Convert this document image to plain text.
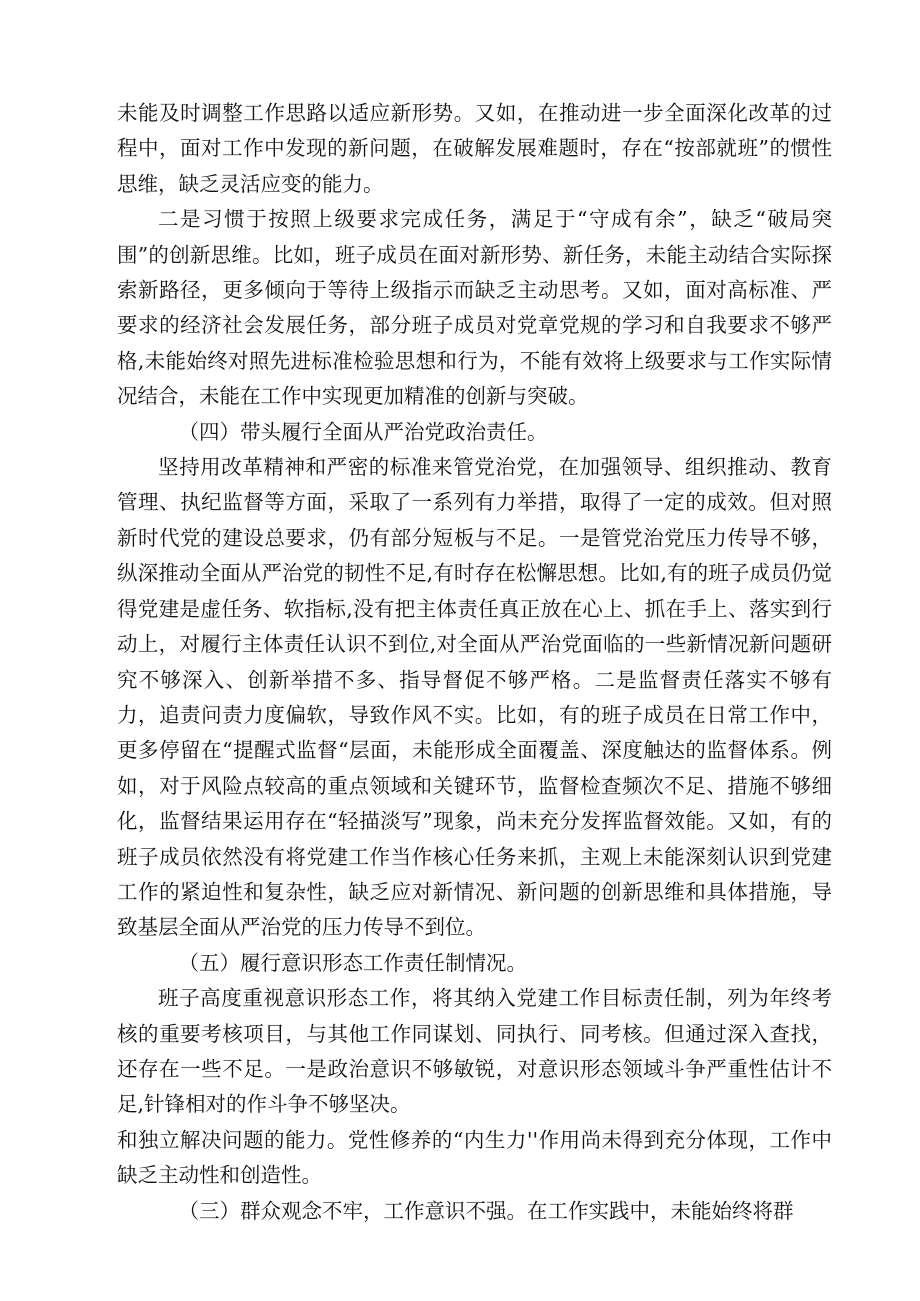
未能及时调整工作思路以适应新形势。又如，在推动进一步全面深化改革的过程中，面对工作中发现的新问题，在破解发展难题时，存在“按部就班”的惯性思维，缺乏灵活应变的能力。

二是习惯于按照上级要求完成任务，满足于“守成有余”，缺乏“破局突围”的创新思维。比如，班子成员在面对新形势、新任务，未能主动结合实际探索新路径，更多倾向于等待上级指示而缺乏主动思考。又如，面对高标准、严要求的经济社会发展任务，部分班子成员对党章党规的学习和自我要求不够严格,未能始终对照先进标准检验思想和行为，不能有效将上级要求与工作实际情况结合，未能在工作中实现更加精准的创新与突破。

（四）带头履行全面从严治党政治责任。

坚持用改革精神和严密的标准来管党治党，在加强领导、组织推动、教育管理、执纪监督等方面，采取了一系列有力举措，取得了一定的成效。但对照新时代党的建设总要求，仍有部分短板与不足。一是管党治党压力传导不够，纵深推动全面从严治党的韧性不足,有时存在松懈思想。比如,有的班子成员仍觉得党建是虚任务、软指标,没有把主体责任真正放在心上、抓在手上、落实到行动上，对履行主体责任认识不到位,对全面从严治党面临的一些新情况新问题研究不够深入、创新举措不多、指导督促不够严格。二是监督责任落实不够有力，追责问责力度偏软，导致作风不实。比如，有的班子成员在日常工作中，更多停留在“提醒式监督“层面，未能形成全面覆盖、深度触达的监督体系。例如，对于风险点较高的重点领域和关键环节，监督检查频次不足、措施不够细化，监督结果运用存在“轻描淡写”现象，尚未充分发挥监督效能。又如，有的班子成员依然没有将党建工作当作核心任务来抓，主观上未能深刻认识到党建工作的紧迫性和复杂性，缺乏应对新情况、新问题的创新思维和具体措施，导致基层全面从严治党的压力传导不到位。

（五）履行意识形态工作责任制情况。

班子高度重视意识形态工作，将其纳入党建工作目标责任制，列为年终考核的重要考核项目，与其他工作同谋划、同执行、同考核。但通过深入查找，还存在一些不足。一是政治意识不够敏锐，对意识形态领域斗争严重性估计不足,针锋相对的作斗争不够坚决。

和独立解决问题的能力。党性修养的“内生力''作用尚未得到充分体现，工作中缺乏主动性和创造性。

（三）群众观念不牢，工作意识不强。在工作实践中，未能始终将群
